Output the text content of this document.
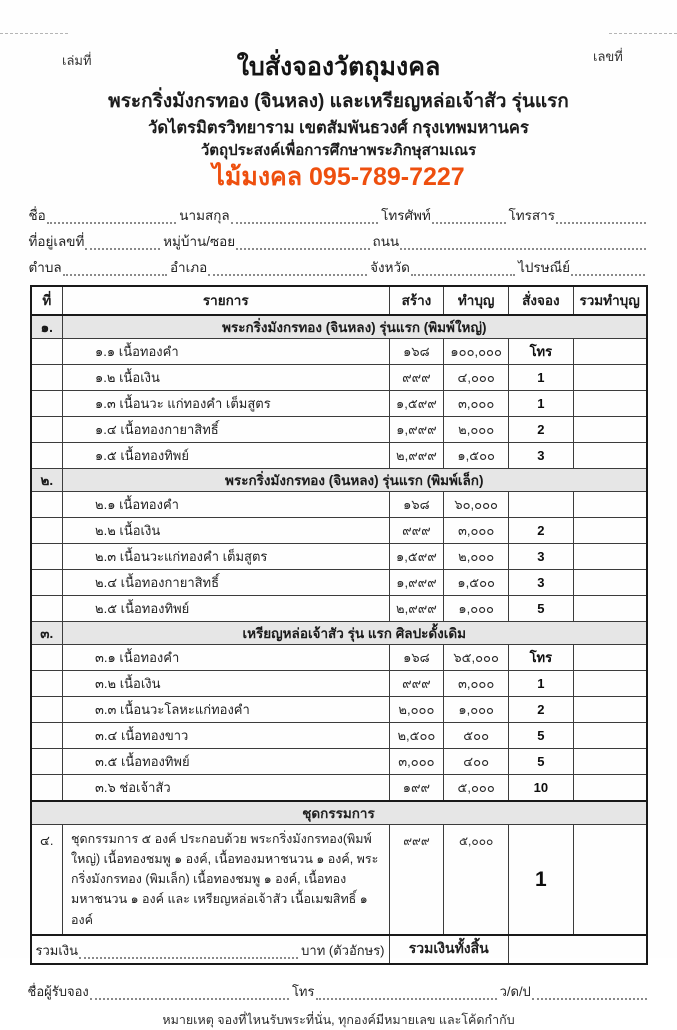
เล่มที่	เลขที่
ใบสั่งจองวัตถุมงคล
พระกริ่งมังกรทอง (จินหลง) และเหรียญหล่อเจ้าสัว รุ่นแรก
วัดไตรมิตรวิทยาราม เขตสัมพันธวงศ์ กรุงเทพมหานคร
วัตถุประสงค์เพื่อการศึกษาพระภิกษุสามเณร
ไม้มงคล 095-789-7227
ชื่อ	นามสกุล	โทรศัพท์	โทรสาร
ที่อยู่เลขที่	หมู่บ้าน/ซอย	ถนน
ตำบล	อำเภอ	จังหวัด	ไปรษณีย์
ที่	รายการ	สร้าง	ทำบุญ	สั่งจอง	รวมทำบุญ
๑.	พระกริ่งมังกรทอง (จินหลง) รุ่นแรก (พิมพ์ใหญ่)				
	๑.๑ เนื้อทองคำ	๑๖๘	๑๐๐,๐๐๐	โทร	
	๑.๒ เนื้อเงิน	๙๙๙	๔,๐๐๐	1	
	๑.๓ เนื้อนวะ แก่ทองคำ เต็มสูตร	๑,๕๙๙	๓,๐๐๐	1	
	๑.๔ เนื้อทองกายาสิทธิ์	๑,๙๙๙	๒,๐๐๐	2	
	๑.๕ เนื้อทองทิพย์	๒,๙๙๙	๑,๕๐๐	3	
๒.	พระกริ่งมังกรทอง (จินหลง) รุ่นแรก (พิมพ์เล็ก)				
	๒.๑ เนื้อทองคำ	๑๖๘	๖๐,๐๐๐		
	๒.๒ เนื้อเงิน	๙๙๙	๓,๐๐๐	2	
	๒.๓ เนื้อนวะแก่ทองคำ เต็มสูตร	๑,๕๙๙	๒,๐๐๐	3	
	๒.๔ เนื้อทองกายาสิทธิ์	๑,๙๙๙	๑,๕๐๐	3	
	๒.๕ เนื้อทองทิพย์	๒,๙๙๙	๑,๐๐๐	5	
๓.	เหรียญหล่อเจ้าสัว รุ่น แรก ศิลปะดั้งเดิม				
	๓.๑ เนื้อทองคำ	๑๖๘	๖๕,๐๐๐	โทร	
	๓.๒ เนื้อเงิน	๙๙๙	๓,๐๐๐	1	
	๓.๓ เนื้อนวะโลหะแก่ทองคำ	๒,๐๐๐	๑,๐๐๐	2	
	๓.๔ เนื้อทองขาว	๒,๕๐๐	๕๐๐	5	
	๓.๕ เนื้อทองทิพย์	๓,๐๐๐	๔๐๐	5	
	๓.๖ ช่อเจ้าสัว	๑๙๙	๕,๐๐๐	10	
ชุดกรรมการ					
๔.	ชุดกรรมการ ๕ องค์ ประกอบด้วย พระกริ่งมังกรทอง(พิมพ์ใหญ่) เนื้อทองชมพู ๑ องค์, เนื้อทองมหาชนวน ๑ องค์, พระกริ่งมังกรทอง (พิมเล็ก) เนื้อทองชมพู ๑ องค์, เนื้อทองมหาชนวน ๑ องค์ และ เหรียญหล่อเจ้าสัว เนื้อเมฆสิทธิ์ ๑ องค์	๙๙๙	๕,๐๐๐	1	

รวมเงิน บาท (ตัวอักษร)		รวมเงินทั้งสิ้น			
ชื่อผู้รับจอง	โทร	ว/ด/ป
หมายเหตุ จองที่ไหนรับพระที่นั่น, ทุกองค์มีหมายเลข และโค้ดกำกับ
